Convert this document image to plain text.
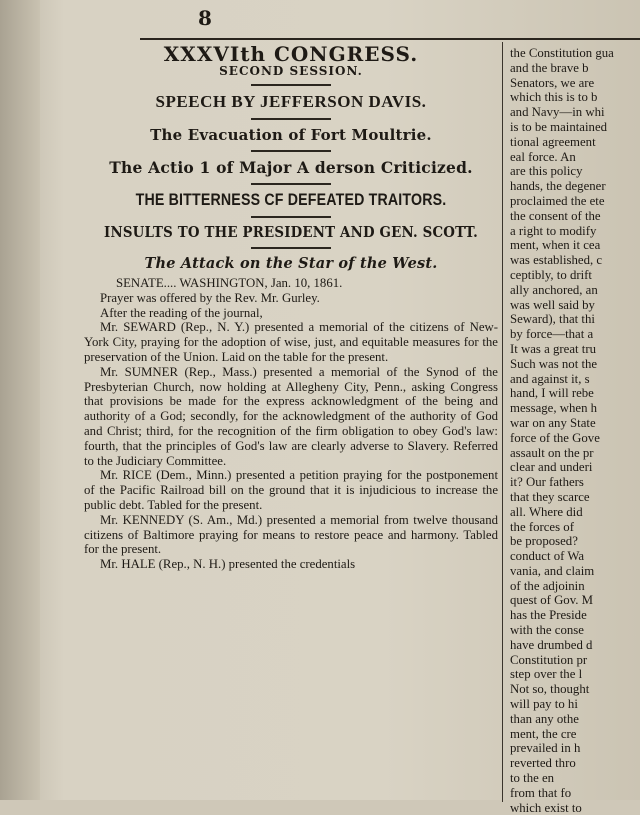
8
XXXVIth CONGRESS.
SECOND SESSION.
SPEECH BY JEFFERSON DAVIS.
The Evacuation of Fort Moultrie.
The Actio 1 of Major A derson Criticized.
THE BITTERNESS CF DEFEATED TRAITORS.
INSULTS TO THE PRESIDENT AND GEN. SCOTT.
The Attack on the Star of the West.

SENATE.... WASHINGTON, Jan. 10, 1861.

Prayer was offered by the Rev. Mr. Gurley.

After the reading of the journal,

Mr. SEWARD (Rep., N. Y.) presented a memorial of the citizens of New-York City, praying for the adoption of wise, just, and equitable measures for the preservation of the Union. Laid on the table for the present.

Mr. SUMNER (Rep., Mass.) presented a memorial of the Synod of the Presbyterian Church, now holding at Allegheny City, Penn., asking Congress that provisions be made for the express acknowledgment of the being and authority of a God; secondly, for the acknowledgment of the authority of God and Christ; third, for the recognition of the firm obligation to obey God's law: fourth, that the principles of God's law are clearly adverse to Slavery. Referred to the Judiciary Committee.

Mr. RICE (Dem., Minn.) presented a petition praying for the postponement of the Pacific Railroad bill on the ground that it is injudicious to increase the public debt. Tabled for the present.

Mr. KENNEDY (S. Am., Md.) presented a memorial from twelve thousand citizens of Baltimore praying for means to restore peace and harmony. Tabled for the present.

Mr. HALE (Rep., N. H.) presented the credentials

the Constitution gua
and the brave b
Senators, we are
which this is to b
and Navy—in whi
is to be maintained
tional agreement
eal force. An
are this policy
hands, the degener
proclaimed the ete
the consent of the
a right to modify
ment, when it cea
was established, c
ceptibly, to drift
ally anchored, an
was well said by
Seward), that thi
by force—that a
It was a great tru
Such was not the
and against it, s
hand, I will rebe
message, when h
war on any State
force of the Gove
assault on the pr
clear and underi
it? Our fathers
that they scarce
all. Where did
the forces of
be proposed?
conduct of Wa
vania, and claim
of the adjoinin
quest of Gov. M
has the Preside
with the conse
have drumbed d
Constitution pr
step over the l
Not so, thought
will pay to hi
than any othe
ment, the cre
prevailed in h
reverted thro
to the en
from that fo
which exist to
